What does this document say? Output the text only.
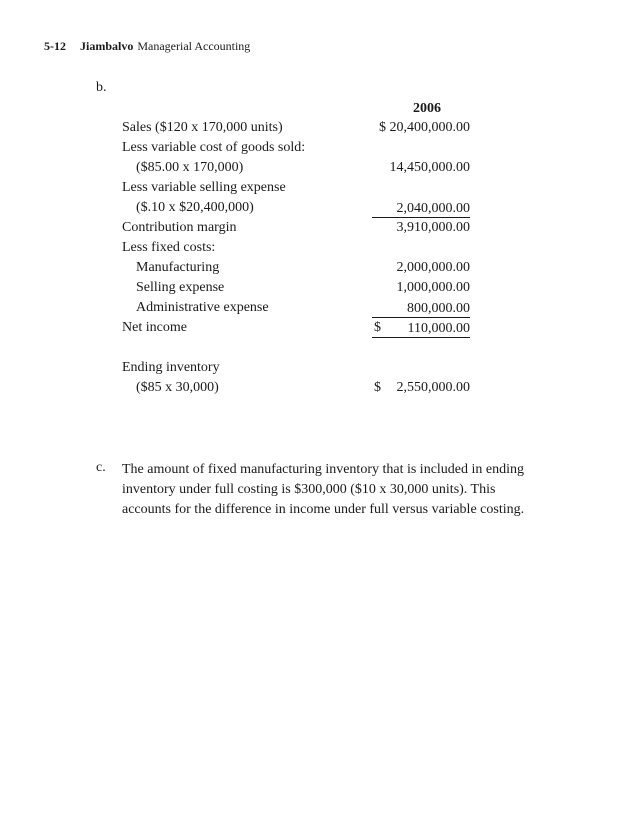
5-12 Jiambalvo Managerial Accounting
b.
2006
Sales ($120 x 170,000 units)	$ 20,400,000.00
Less variable cost of goods sold:
($85.00 x 170,000)	14,450,000.00
Less variable selling expense
($.10 x $20,400,000)	2,040,000.00
Contribution margin	3,910,000.00
Less fixed costs:
Manufacturing	2,000,000.00
Selling expense	1,000,000.00
Administrative expense	800,000.00
Net income	$	110,000.00
Ending inventory
($85 x 30,000)	$	2,550,000.00
c. The amount of fixed manufacturing inventory that is included in ending
inventory under full costing is $300,000 ($10 x 30,000 units). This
accounts for the difference in income under full versus variable costing.
